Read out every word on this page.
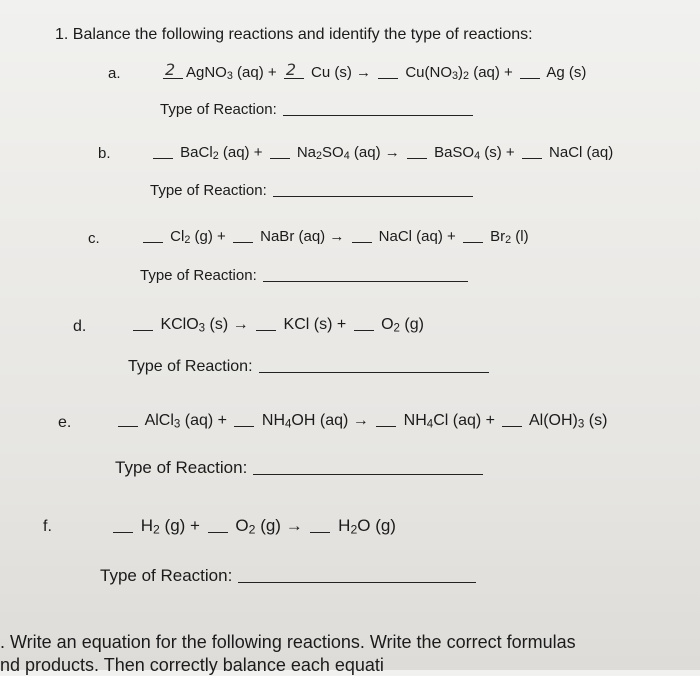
1. Balance the following reactions and identify the type of reactions:
a.	2 AgNO$_3$ (aq) + 2 Cu $(s) \to Cu(NO_3)_2$ (aq) +  Ag (s)
Type of Reaction:
b.	BaCl$_2$ $(aq) + Na_2SO_4$ (aq) →  BaSO$_4$ (s) +  NaCl (aq)
Type of Reaction:
c.	$Cl_2$ (g) +  NaBr (aq) →  NaCl $(aq) + Br_2$ (l)
Type of Reaction:
d.	KClO$_3$ (s) →  KCl $(s) + O_2$ (g)
Type of Reaction:
e.	AlCl$_3$ $(aq) + NH_4OH$ $(aq) \to NH_4Cl$ $(aq) + Al(OH)_3$ (s)
Type of Reaction:
f.	$H_2$ $(g) + O_2$ $(g) \to H_2O$ (g)
Type of Reaction:
. Write an equation for the following reactions. Write the correct formulas
nd products. Then correctly balance each equati
